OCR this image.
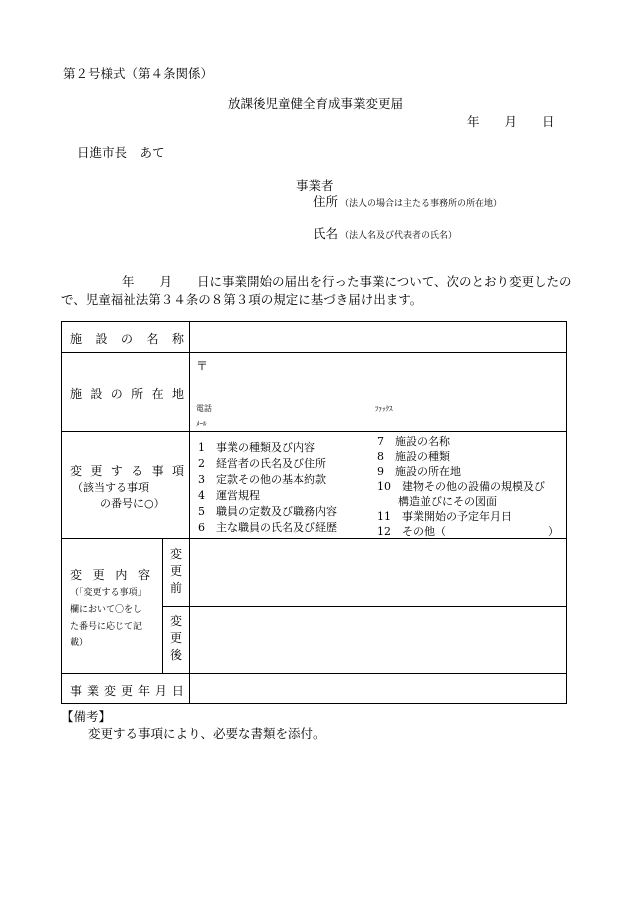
第２号様式（第４条関係）
放課後児童健全育成事業変更届
年　　月　　日
日進市長　あて
事業者
住所 （法人の場合は主たる事務所の所在地）
氏名 （法人名及び代表者の氏名）
年　　月　　日に事業開始の届出を行った事業について、次のとおり変更したの
で、児童福祉法第３４条の８第３項の規定に基づき届け出ます。
施 設 の 名 称
施 設 の 所 在 地
〒
電話	ﾌｧｯｸｽ
ﾒｰﾙ
変 更 す る 事 項
（該当する事項
の番号に○）
1　事業の種類及び内容
2　経営者の氏名及び住所
3　定款その他の基本約款
4　運営規程
5　職員の定数及び職務内容
6　主な職員の氏名及び経歴
7　施設の名称
8　施設の種類
9　施設の所在地
10　建物その他の設備の規模及び
構造並びにその図面
11　事業開始の予定年月日
12　その他（	）
変 更 内 容
（「変更する事項」
欄において〇をし
た番号に応じて記
載）
変更前
変更後
事 業 変 更 年 月 日
【備考】
変更する事項により、必要な書類を添付。
